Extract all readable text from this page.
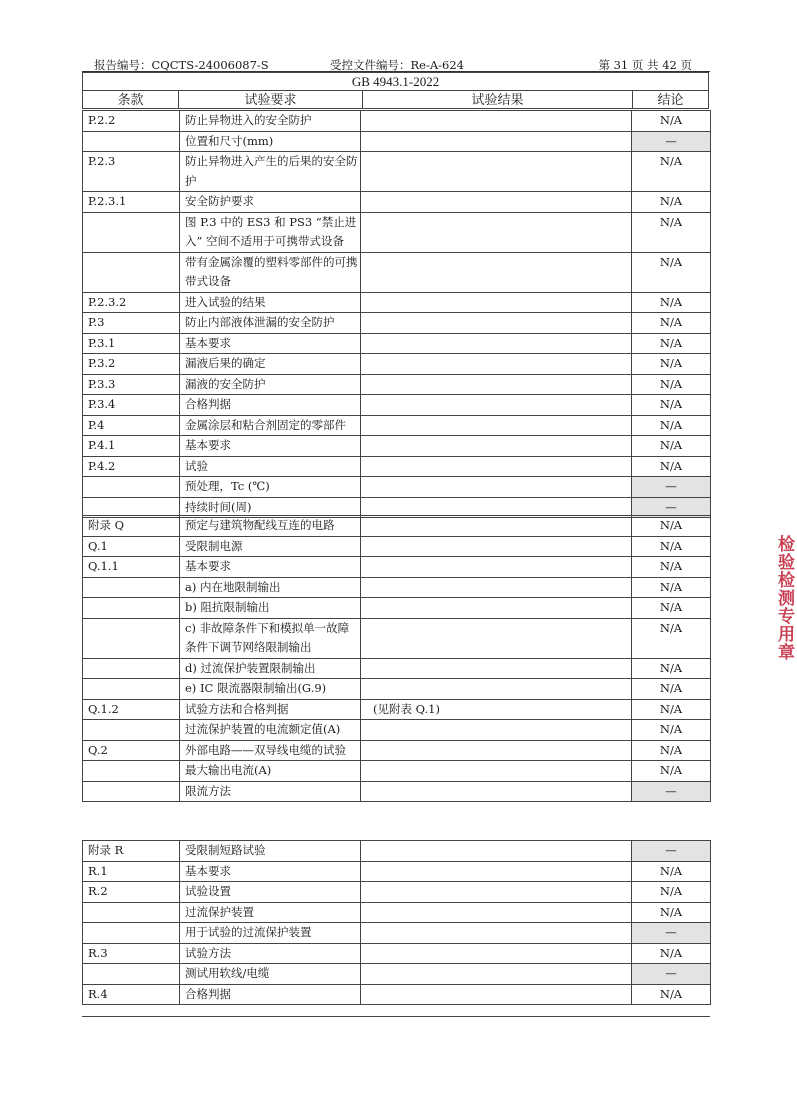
报告编号：CQCTS-24006087-S	受控文件编号：Re-A-624	第 31 页 共 42 页
GB 4943.1-2022
条款	试验要求	试验结果	结论
P.2.2	防止异物进入的安全防护		N/A
	位置和尺寸(mm)		—
P.2.3	防止异物进入产生的后果的安全防护		N/A
P.2.3.1	安全防护要求		N/A
	图 P.3 中的 ES3 和 PS3 “禁止进入” 空间不适用于可携带式设备		N/A
	带有金属涂覆的塑料零部件的可携带式设备		N/A
P.2.3.2	进入试验的结果		N/A
P.3	防止内部液体泄漏的安全防护		N/A
P.3.1	基本要求		N/A
P.3.2	漏液后果的确定		N/A
P.3.3	漏液的安全防护		N/A
P.3.4	合格判据		N/A
P.4	金属涂层和粘合剂固定的零部件		N/A
P.4.1	基本要求		N/A
P.4.2	试验		N/A
	预处理，Tc (℃)		—
	持续时间(周)		—
附录 Q	预定与建筑物配线互连的电路		N/A
Q.1	受限制电源		N/A
Q.1.1	基本要求		N/A
	a) 内在地限制输出		N/A
	b) 阻抗限制输出		N/A
	c) 非故障条件下和模拟单一故障条件下调节网络限制输出		N/A
	d) 过流保护装置限制输出		N/A
	e) IC 限流器限制输出(G.9)		N/A
Q.1.2	试验方法和合格判据	(见附表 Q.1)	N/A
	过流保护装置的电流额定值(A)		N/A
Q.2	外部电路——双导线电缆的试验		N/A
	最大输出电流(A)		N/A
	限流方法		—
附录 R	受限制短路试验		—
R.1	基本要求		N/A
R.2	试验设置		N/A
	过流保护装置		N/A
	用于试验的过流保护装置		—
R.3	试验方法		N/A
	测试用软线/电缆		—
R.4	合格判据		N/A
检验检测专用章
